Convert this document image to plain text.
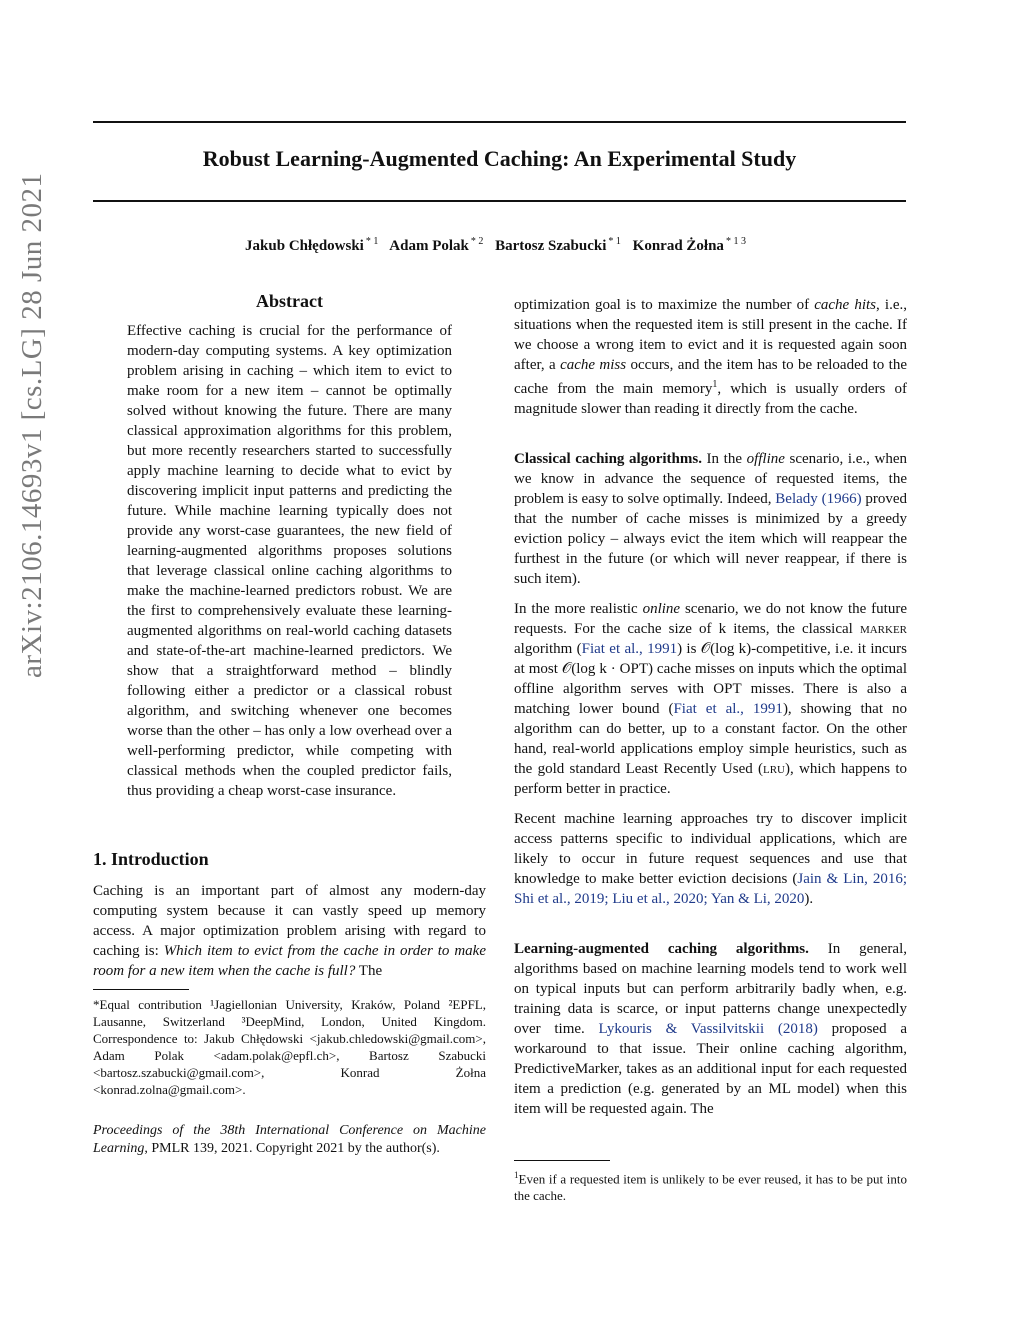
Robust Learning-Augmented Caching: An Experimental Study
Jakub Chłędowski $^{* 1}$ Adam Polak $^{* 2}$ Bartosz Szabucki $^{* 1}$ Konrad Żołna $^{* 1 3}$
arXiv:2106.14693v1 [cs.LG] 28 Jun 2021	Abstract

Effective caching is crucial for the performance of modern-day computing systems. A key optimization problem arising in caching – which item to evict to make room for a new item – cannot be optimally solved without knowing the future. There are many classical approximation algorithms for this problem, but more recently researchers started to successfully apply machine learning to decide what to evict by discovering implicit input patterns and predicting the future. While machine learning typically does not provide any worst-case guarantees, the new field of learning-augmented algorithms proposes solutions that leverage classical online caching algorithms to make the machine-learned predictors robust. We are the first to comprehensively evaluate these learning-augmented algorithms on real-world caching datasets and state-of-the-art machine-learned predictors. We show that a straightforward method – blindly following either a predictor or a classical robust algorithm, and switching whenever one becomes worse than the other – has only a low overhead over a well-performing predictor, while competing with classical methods when the coupled predictor fails, thus providing a cheap worst-case insurance.

1. Introduction

Caching is an important part of almost any modern-day computing system because it can vastly speed up memory access. A major optimization problem arising with regard to caching is: Which item to evict from the cache in order to make room for a new item when the cache is full? The

*Equal contribution ¹Jagiellonian University, Kraków, Poland ²EPFL, Lausanne, Switzerland ³DeepMind, London, United Kingdom. Correspondence to: Jakub Chłędowski <jakub.chledowski@gmail.com>, Adam Polak <adam.polak@epfl.ch>, Bartosz Szabucki <bartosz.szabucki@gmail.com>, Konrad Żołna <konrad.zolna@gmail.com>.

Proceedings of the 38th International Conference on Machine Learning, PMLR 139, 2021. Copyright 2021 by the author(s).

optimization goal is to maximize the number of cache hits, i.e., situations when the requested item is still present in the cache. If we choose a wrong item to evict and it is requested again soon after, a cache miss occurs, and the item has to be reloaded to the cache from the main memory$^1$, which is usually orders of magnitude slower than reading it directly from the cache.

Classical caching algorithms. In the offline scenario, i.e., when we know in advance the sequence of requested items, the problem is easy to solve optimally. Indeed, Belady (1966) proved that the number of cache misses is minimized by a greedy eviction policy – always evict the item which will reappear the furthest in the future (or which will never reappear, if there is such item).

In the more realistic online scenario, we do not know the future requests. For the cache size of k items, the classical marker algorithm (Fiat et al., 1991) is 𝒪(log k)-competitive, i.e. it incurs at most 𝒪(log k · OPT) cache misses on inputs which the optimal offline algorithm serves with OPT misses. There is also a matching lower bound (Fiat et al., 1991), showing that no algorithm can do better, up to a constant factor. On the other hand, real-world applications employ simple heuristics, such as the gold standard Least Recently Used (lru), which happens to perform better in practice.

Recent machine learning approaches try to discover implicit access patterns specific to individual applications, which are likely to occur in future request sequences and use that knowledge to make better eviction decisions (Jain & Lin, 2016; Shi et al., 2019; Liu et al., 2020; Yan & Li, 2020).

Learning-augmented caching algorithms. In general, algorithms based on machine learning models tend to work well on typical inputs but can perform arbitrarily badly when, e.g. training data is scarce, or input patterns change unexpectedly over time. Lykouris & Vassilvitskii (2018) proposed a workaround to that issue. Their online caching algorithm, PredictiveMarker, takes as an additional input for each requested item a prediction (e.g. generated by an ML model) when this item will be requested again. The

$^1$Even if a requested item is unlikely to be ever reused, it has to be put into the cache.
